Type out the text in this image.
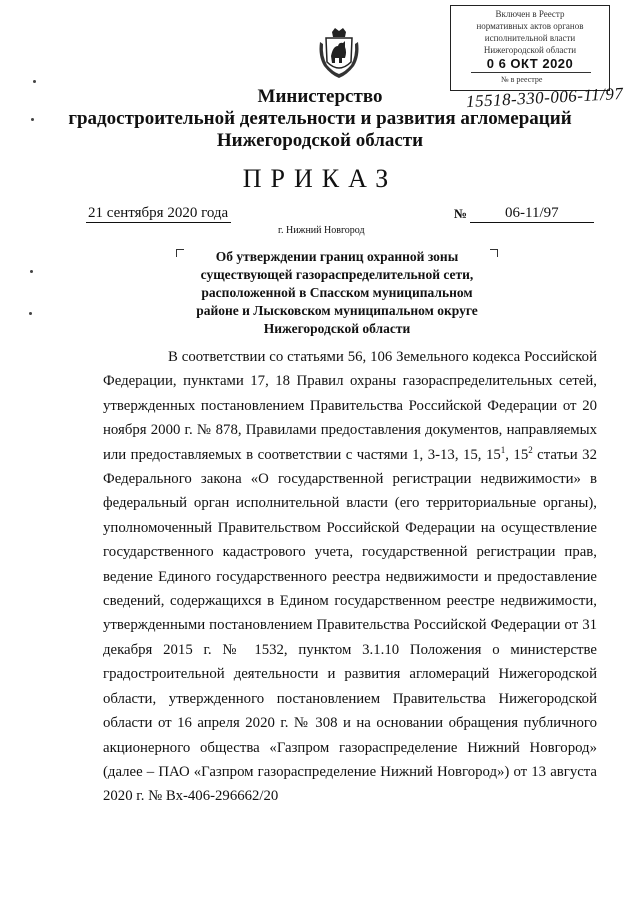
Включен в Реестр
нормативных актов органов
исполнительной власти
Нижегородской области
0 6 ОКТ 2020
№ в реестре
15518-330-006-11/97
Министерство
градостроительной деятельности и развития агломераций
Нижегородской области
ПРИКАЗ
21 сентября 2020 года
г. Нижний Новгород
№	06-11/97
Об утверждении границ охранной зоны
существующей газораспределительной сети,
расположенной в Спасском муниципальном
районе и Лысковском муниципальном округе
Нижегородской области

В соответствии со статьями 56, 106 Земельного кодекса Российской Федерации, пунктами 17, 18 Правил охраны газораспределительных сетей, утвержденных постановлением Правительства Российской Федерации от 20 ноября 2000 г. № 878, Правилами предоставления документов, направляемых или предоставляемых в соответствии с частями 1, 3-13, 15, $15^1$, $15^2$ статьи 32 Федерального закона «О государственной регистрации недвижимости» в федеральный орган исполнительной власти (его территориальные органы), уполномоченный Правительством Российской Федерации на осуществление государственного кадастрового учета, государственной регистрации прав, ведение Единого государственного реестра недвижимости и предоставление сведений, содержащихся в Едином государственном реестре недвижимости, утвержденными постановлением Правительства Российской Федерации от 31 декабря 2015 г. № 1532, пунктом 3.1.10 Положения о министерстве градостроительной деятельности и развития агломераций Нижегородской области, утвержденного постановлением Правительства Нижегородской области от 16 апреля 2020 г. № 308 и на основании обращения публичного акционерного общества «Газпром газораспределение Нижний Новгород» (далее – ПАО «Газпром газораспределение Нижний Новгород») от 13 августа 2020 г. № Вх-406-296662/20
